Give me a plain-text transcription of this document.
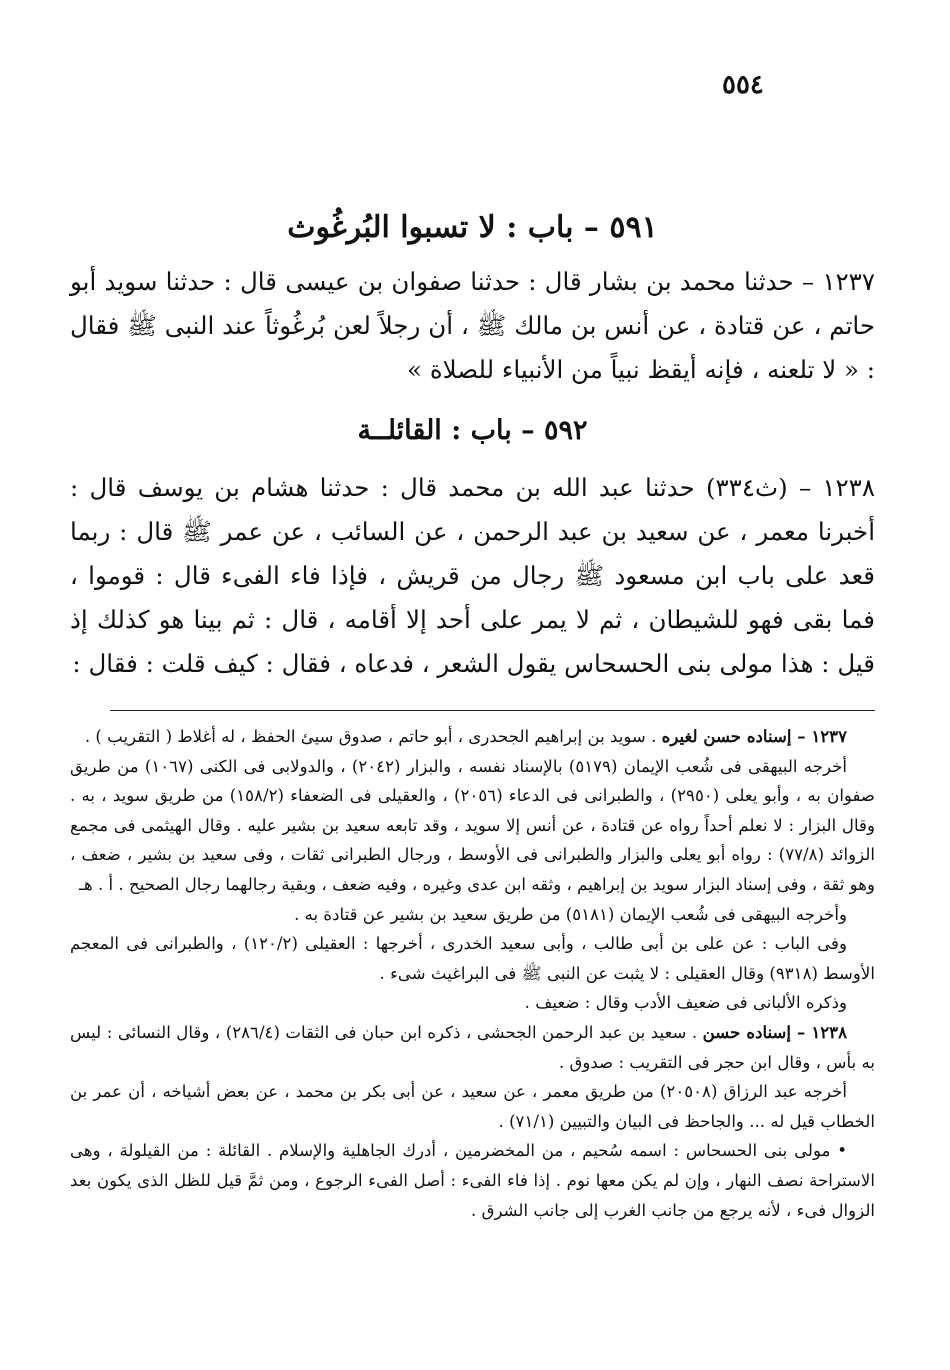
٥٥٤
٥٩١ – باب : لا تسبوا البُرغُوث

١٢٣٧ – حدثنا محمد بن بشار قال : حدثنا صفوان بن عيسى قال : حدثنا سويد أبو حاتم ، عن قتادة ، عن أنس بن مالك ﷺ ، أن رجلاً لعن بُرغُوثاً عند النبى ﷺ فقال : « لا تلعنه ، فإنه أيقظ نبياً من الأنبياء للصلاة »

٥٩٢ – باب : القائلــة

١٢٣٨ – (ث٣٣٤) حدثنا عبد الله بن محمد قال : حدثنا هشام بن يوسف قال : أخبرنا معمر ، عن سعيد بن عبد الرحمن ، عن السائب ، عن عمر ﷺ قال : ربما قعد على باب ابن مسعود ﷺ رجال من قريش ، فإذا فاء الفىء قال : قوموا ، فما بقى فهو للشيطان ، ثم لا يمر على أحد إلا أقامه ، قال : ثم بينا هو كذلك إذ قيل : هذا مولى بنى الحسحاس يقول الشعر ، فدعاه ، فقال : كيف قلت : فقال :

١٢٣٧ – إسناده حسن لغيره . سويد بن إبراهيم الجحدرى ، أبو حاتم ، صدوق سيئ الحفظ ، له أغلاط ( التقريب ) .

أخرجه البيهقى فى شُعب الإيمان (٥١٧٩) بالإسناد نفسه ، والبزار (٢٠٤٢) ، والدولابى فى الكنى (١٠٦٧) من طريق صفوان به ، وأبو يعلى (٢٩٥٠) ، والطبرانى فى الدعاء (٢٠٥٦) ، والعقيلى فى الضعفاء (١٥٨/٢) من طريق سويد ، به . وقال البزار : لا نعلم أحداً رواه عن قتادة ، عن أنس إلا سويد ، وقد تابعه سعيد بن بشير عليه . وقال الهيثمى فى مجمع الزوائد (٧٧/٨) : رواه أبو يعلى والبزار والطبرانى فى الأوسط ، ورجال الطبرانى ثقات ، وفى سعيد بن بشير ، ضعف ، وهو ثقة ، وفى إسناد البزار سويد بن إبراهيم ، وثقه ابن عدى وغيره ، وفيه ضعف ، وبقية رجالهما رجال الصحيح . أ . هـ

وأخرجه البيهقى فى شُعب الإيمان (٥١٨١) من طريق سعيد بن بشير عن قتادة به .

وفى الباب : عن على بن أبى طالب ، وأبى سعيد الخدرى ، أخرجها : العقيلى (١٢٠/٢) ، والطبرانى فى المعجم الأوسط (٩٣١٨) وقال العقيلى : لا يثبت عن النبى ﷺ فى البراغيث شىء .

وذكره الألبانى فى ضعيف الأدب وقال : ضعيف .

١٢٣٨ – إسناده حسن . سعيد بن عبد الرحمن الجحشى ، ذكره ابن حبان فى الثقات (٢٨٦/٤) ، وقال النسائى : ليس به بأس ، وقال ابن حجر فى التقريب : صدوق .

أخرجه عبد الرزاق (٢٠٥٠٨) من طريق معمر ، عن سعيد ، عن أبى بكر بن محمد ، عن بعض أشياخه ، أن عمر بن الخطاب قيل له ... والجاحظ فى البيان والتبيين (٧١/١) .

• مولى بنى الحسحاس : اسمه سُحيم ، من المخضرمين ، أدرك الجاهلية والإسلام . القائلة : من القيلولة ، وهى الاستراحة نصف النهار ، وإن لم يكن معها نوم . إذا فاء الفىء : أصل الفىء الرجوع ، ومن ثمَّ قيل للظل الذى يكون بعد الزوال فىء ، لأنه يرجع من جانب الغرب إلى جانب الشرق .
